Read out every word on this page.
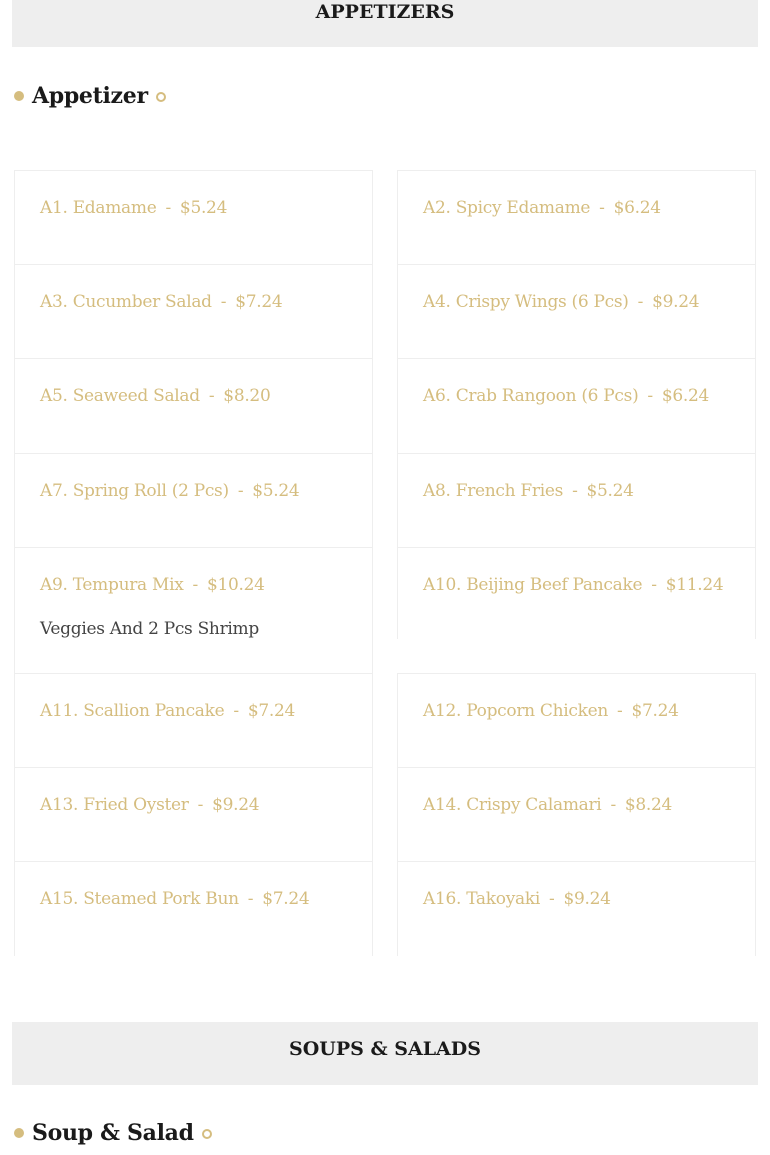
APPETIZERS
Appetizer
A1. Edamame - $5.24	A2. Spicy Edamame - $6.24
A3. Cucumber Salad - $7.24	A4. Crispy Wings (6 Pcs) - $9.24
A5. Seaweed Salad - $8.20	A6. Crab Rangoon (6 Pcs) - $6.24
A7. Spring Roll (2 Pcs) - $5.24	A8. French Fries - $5.24
A9. Tempura Mix - $10.24
Veggies And 2 Pcs Shrimp
A10. Beijing Beef Pancake - $11.24
A11. Scallion Pancake - $7.24	A12. Popcorn Chicken - $7.24
A13. Fried Oyster - $9.24	A14. Crispy Calamari - $8.24
A15. Steamed Pork Bun - $7.24	A16. Takoyaki - $9.24
SOUPS & SALADS
Soup & Salad
